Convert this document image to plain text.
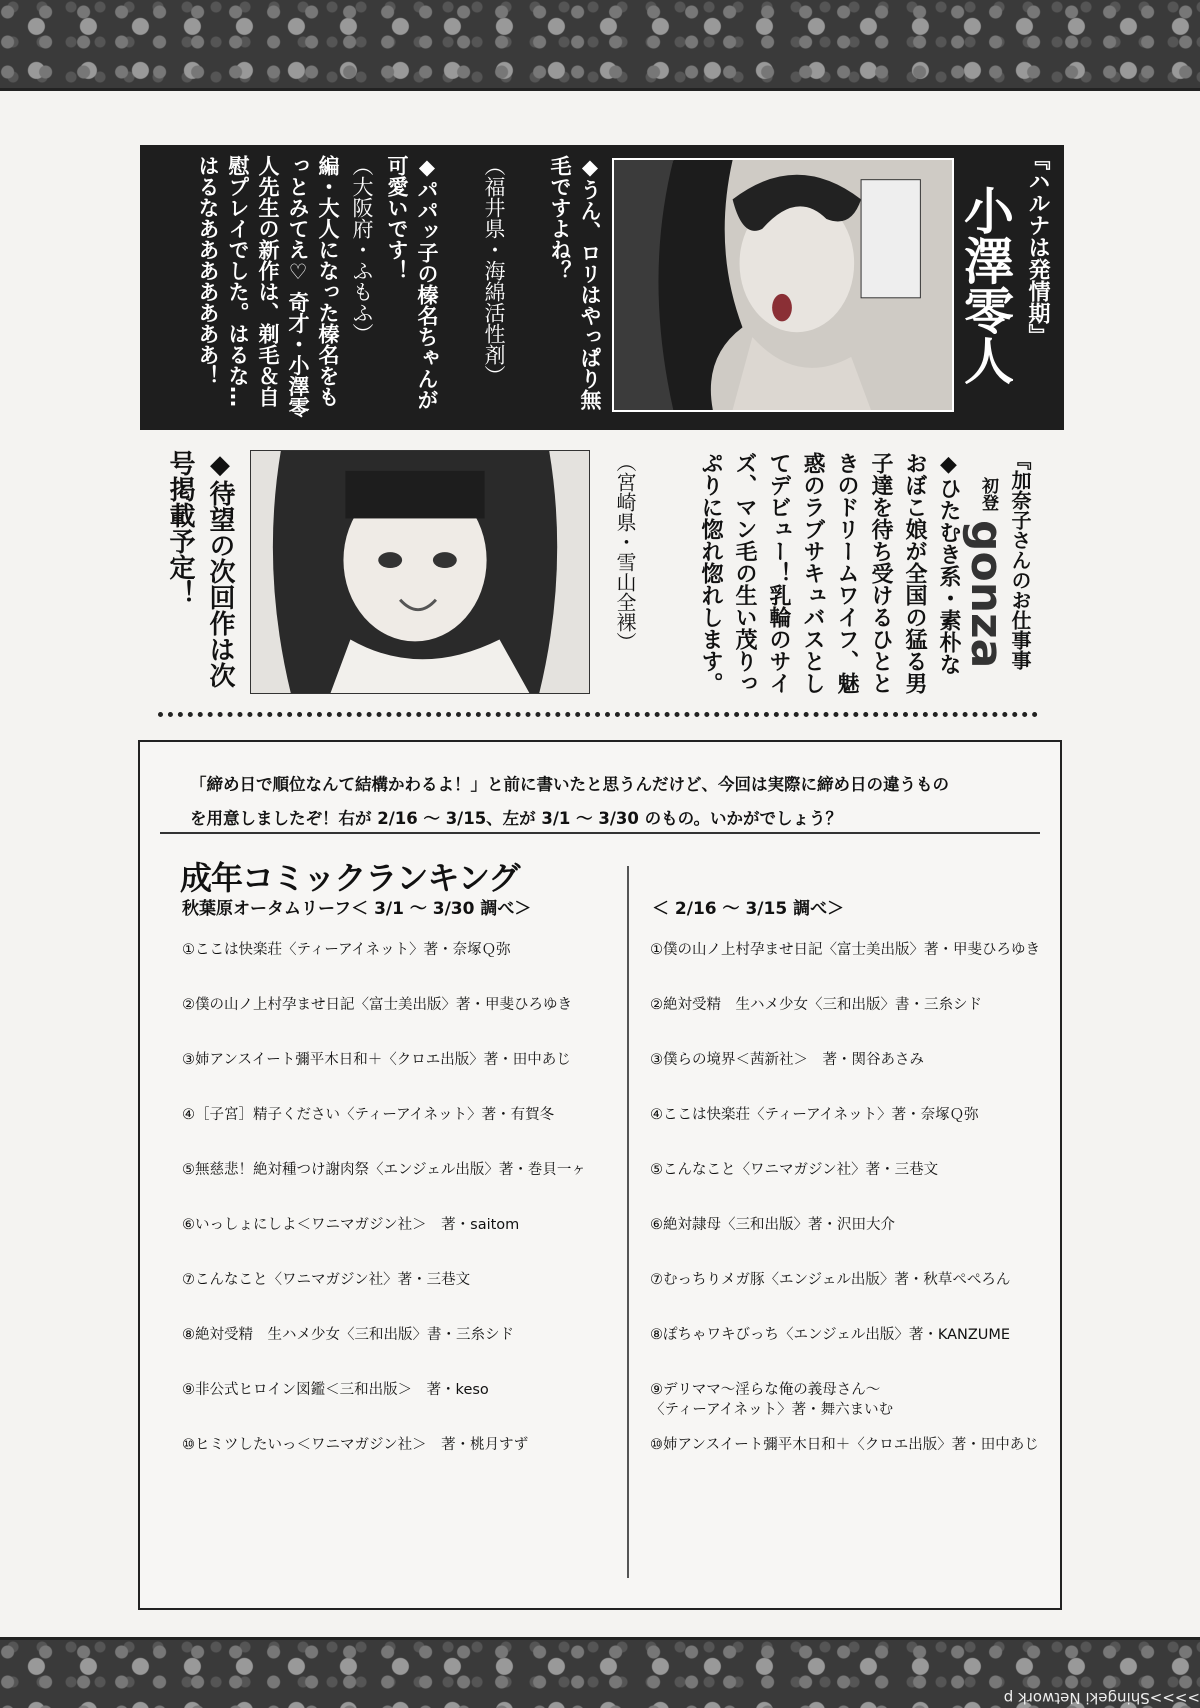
『ハルナは発情期』
小澤零人
◆うん、ロリはやっぱり無毛ですよね？
（福井県・海綿活性剤）
◆パパッ子の榛名ちゃんが可愛いです！
（大阪府・ふもふ）
編・大人になった榛名をもっとみてえ♡ 奇才・小澤零人先生の新作は、剃毛＆自慰プレイでした。はるな…はるなあああああああ！
『加奈子さんのお仕事事
初登
gonza
◆ひたむき系・素朴なおぼこ娘が全国の猛る男子達を待ち受けるひとときのドリームワイフ、魅惑のラブサキュバスとしてデビュー！乳輪のサイズ、マン毛の生い茂りっぷりに惚れ惚れします。
（宮崎県・雪山全裸）
◆待望の次回作は次号掲載予定！
「締め日で順位なんて結構かわるよ！」と前に書いたと思うんだけど、今回は実際に締め日の違うもの
を用意しましたぞ！右が 2/16 〜 3/15、左が 3/1 〜 3/30 のもの。いかがでしょう？
成年コミックランキング
秋葉原オータムリーフ＜ 3/1 〜 3/30 調べ＞	＜ 2/16 〜 3/15 調べ＞
①ここは快楽荘〈ティーアイネット〉著・奈塚Ｑ弥
②僕の山ノ上村孕ませ日記〈富士美出版〉著・甲斐ひろゆき
③姉アンスイート彌平木日和＋〈クロエ出版〉著・田中あじ
④［子宮］精子ください〈ティーアイネット〉著・有賀冬
⑤無慈悲！絶対種つけ謝肉祭〈エンジェル出版〉著・巻貝一ヶ
⑥いっしょにしよ＜ワニマガジン社＞　著・saitom
⑦こんなこと〈ワニマガジン社〉著・三巷文
⑧絶対受精　生ハメ少女〈三和出版〉書・三糸シド
⑨非公式ヒロイン図鑑＜三和出版＞　著・keso
⑩ヒミツしたいっ＜ワニマガジン社＞　著・桃月すず
①僕の山ノ上村孕ませ日記〈富士美出版〉著・甲斐ひろゆき
②絶対受精　生ハメ少女〈三和出版〉書・三糸シド
③僕らの境界＜茜新社＞　著・関谷あさみ
④ここは快楽荘〈ティーアイネット〉著・奈塚Ｑ弥
⑤こんなこと〈ワニマガジン社〉著・三巷文
⑥絶対隷母〈三和出版〉著・沢田大介
⑦むっちりメガ豚〈エンジェル出版〉著・秋草ぺぺろん
⑧ぽちゃワキびっち〈エンジェル出版〉著・KANZUME
⑨デリママ〜淫らな俺の義母さん〜
〈ティーアイネット〉著・舞六まいむ
⑩姉アンスイート彌平木日和＋〈クロエ出版〉著・田中あじ
>>>>Shingeki Network p
